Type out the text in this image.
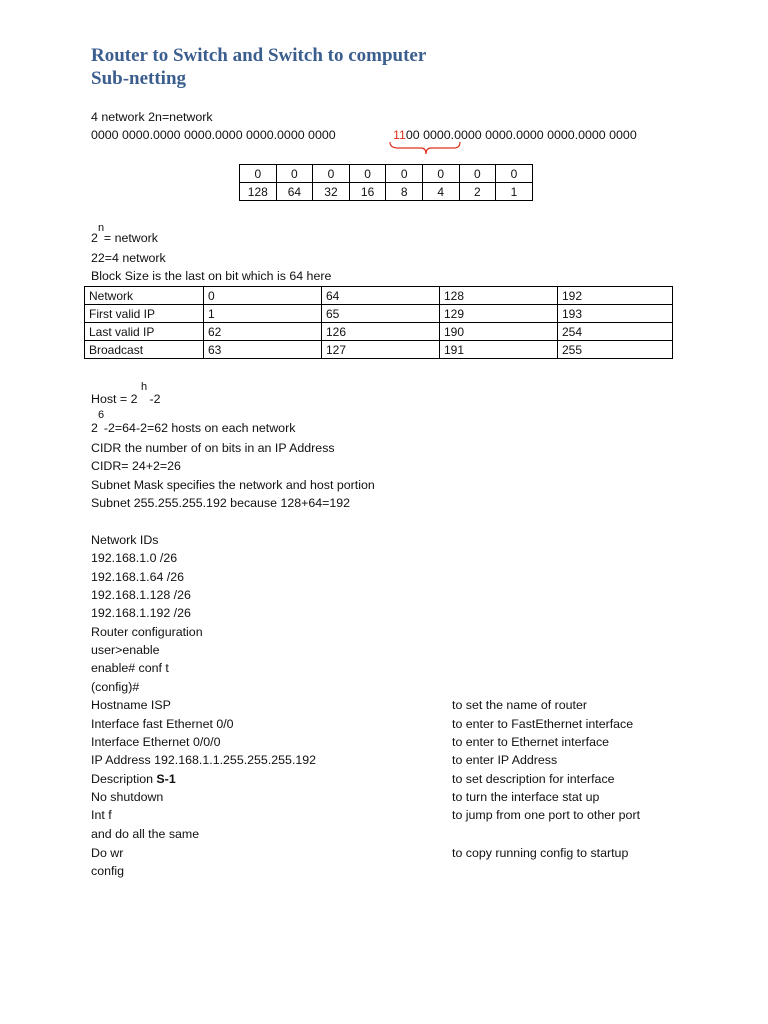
Router to Switch and Switch to computer
Sub-netting
4 network 2n=network
0000 0000.0000 0000.0000 0000.0000 0000	1100 0000.0000 0000.0000 0000.0000 0000
0	0	0	0	0	0	0	0
128	64	32	16	8	4	2	1
n
2 = network
22=4 network
Block Size is the last on bit which is 64 here
Network	0	64	128	192
First valid IP	1	65	129	193
Last valid IP	62	126	190	254
Broadcast	63	127	191	255
h
Host = 2 -2
6
2 -2=64-2=62 hosts on each network
CIDR the number of on bits in an IP Address
CIDR= 24+2=26
Subnet Mask specifies the network and host portion
Subnet 255.255.255.192 because 128+64=192
Network IDs
192.168.1.0 /26
192.168.1.64 /26
192.168.1.128 /26
192.168.1.192 /26
Router configuration
user>enable
enable# conf t
(config)#
Hostname ISP	to set the name of router
Interface fast Ethernet 0/0	to enter to FastEthernet interface
Interface Ethernet 0/0/0	to enter to Ethernet interface
IP Address 192.168.1.1.255.255.255.192	to enter IP Address
Description S-1	to set description for interface
No shutdown	to turn the interface stat up
Int f	to jump from one port to other port
and do all the same
Do wr	to copy running config to startup
config
